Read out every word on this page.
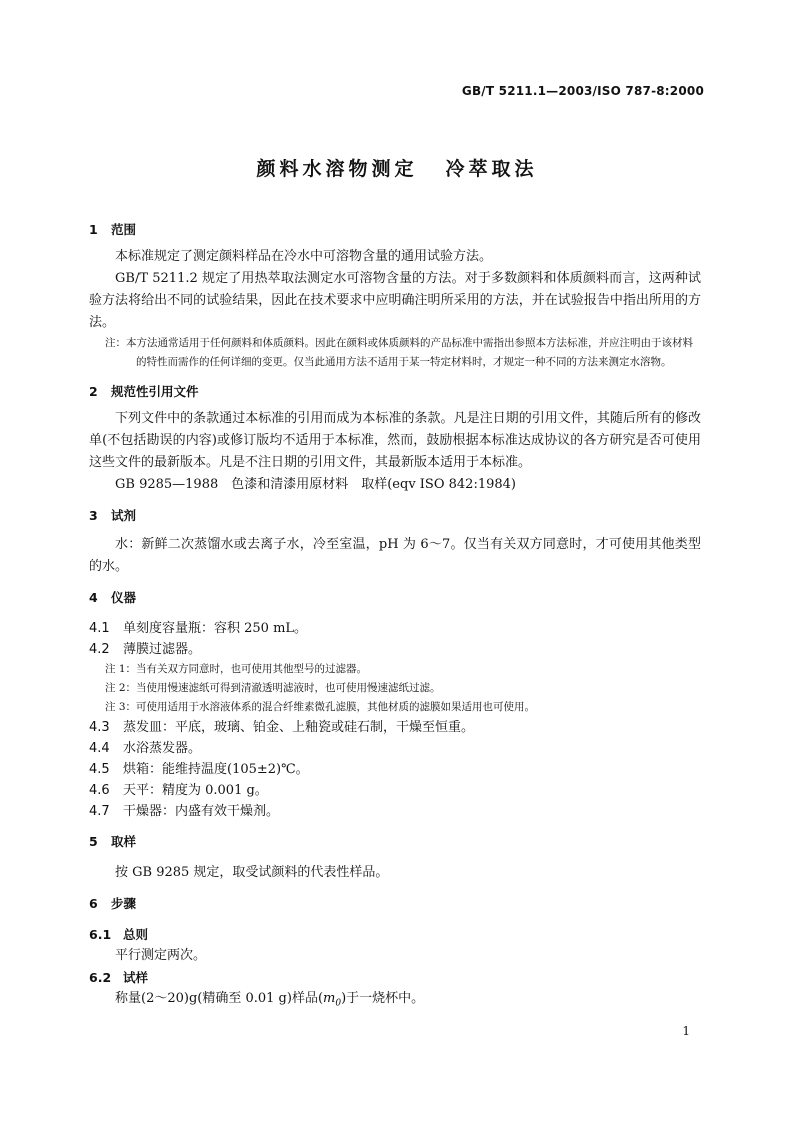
GB/T 5211.1—2003/ISO 787-8:2000
颜料水溶物测定 冷萃取法

1 范围

本标准规定了测定颜料样品在冷水中可溶物含量的通用试验方法。

GB/T 5211.2 规定了用热萃取法测定水可溶物含量的方法。对于多数颜料和体质颜料而言，这两种试验方法将给出不同的试验结果，因此在技术要求中应明确注明所采用的方法，并在试验报告中指出所用的方法。

注：本方法通常适用于任何颜料和体质颜料。因此在颜料或体质颜料的产品标准中需指出参照本方法标准，并应注明由于该材料的特性而需作的任何详细的变更。仅当此通用方法不适用于某一特定材料时，才规定一种不同的方法来测定水溶物。

2 规范性引用文件

下列文件中的条款通过本标准的引用而成为本标准的条款。凡是注日期的引用文件，其随后所有的修改单(不包括勘误的内容)或修订版均不适用于本标准，然而，鼓励根据本标准达成协议的各方研究是否可使用这些文件的最新版本。凡是不注日期的引用文件，其最新版本适用于本标准。

GB 9285—1988　色漆和清漆用原材料　取样(eqv ISO 842:1984)

3 试剂

水：新鲜二次蒸馏水或去离子水，冷至室温，pH 为 6～7。仅当有关双方同意时，才可使用其他类型的水。

4 仪器

4.1 单刻度容量瓶：容积 250 mL。

4.2 薄膜过滤器。

注 1：当有关双方同意时，也可使用其他型号的过滤器。

注 2：当使用慢速滤纸可得到清澈透明滤液时，也可使用慢速滤纸过滤。

注 3：可使用适用于水溶液体系的混合纤维素微孔滤膜，其他材质的滤膜如果适用也可使用。

4.3 蒸发皿：平底，玻璃、铂金、上釉瓷或硅石制，干燥至恒重。

4.4 水浴蒸发器。

4.5 烘箱：能维持温度(105±2)℃。

4.6 天平：精度为 0.001 g。

4.7 干燥器：内盛有效干燥剂。

5 取样

按 GB 9285 规定，取受试颜料的代表性样品。

6 步骤

6.1 总则

平行测定两次。

6.2 试样

称量(2～20)g(精确至 0.01 g)样品$(m_0)$于一烧杯中。

1
